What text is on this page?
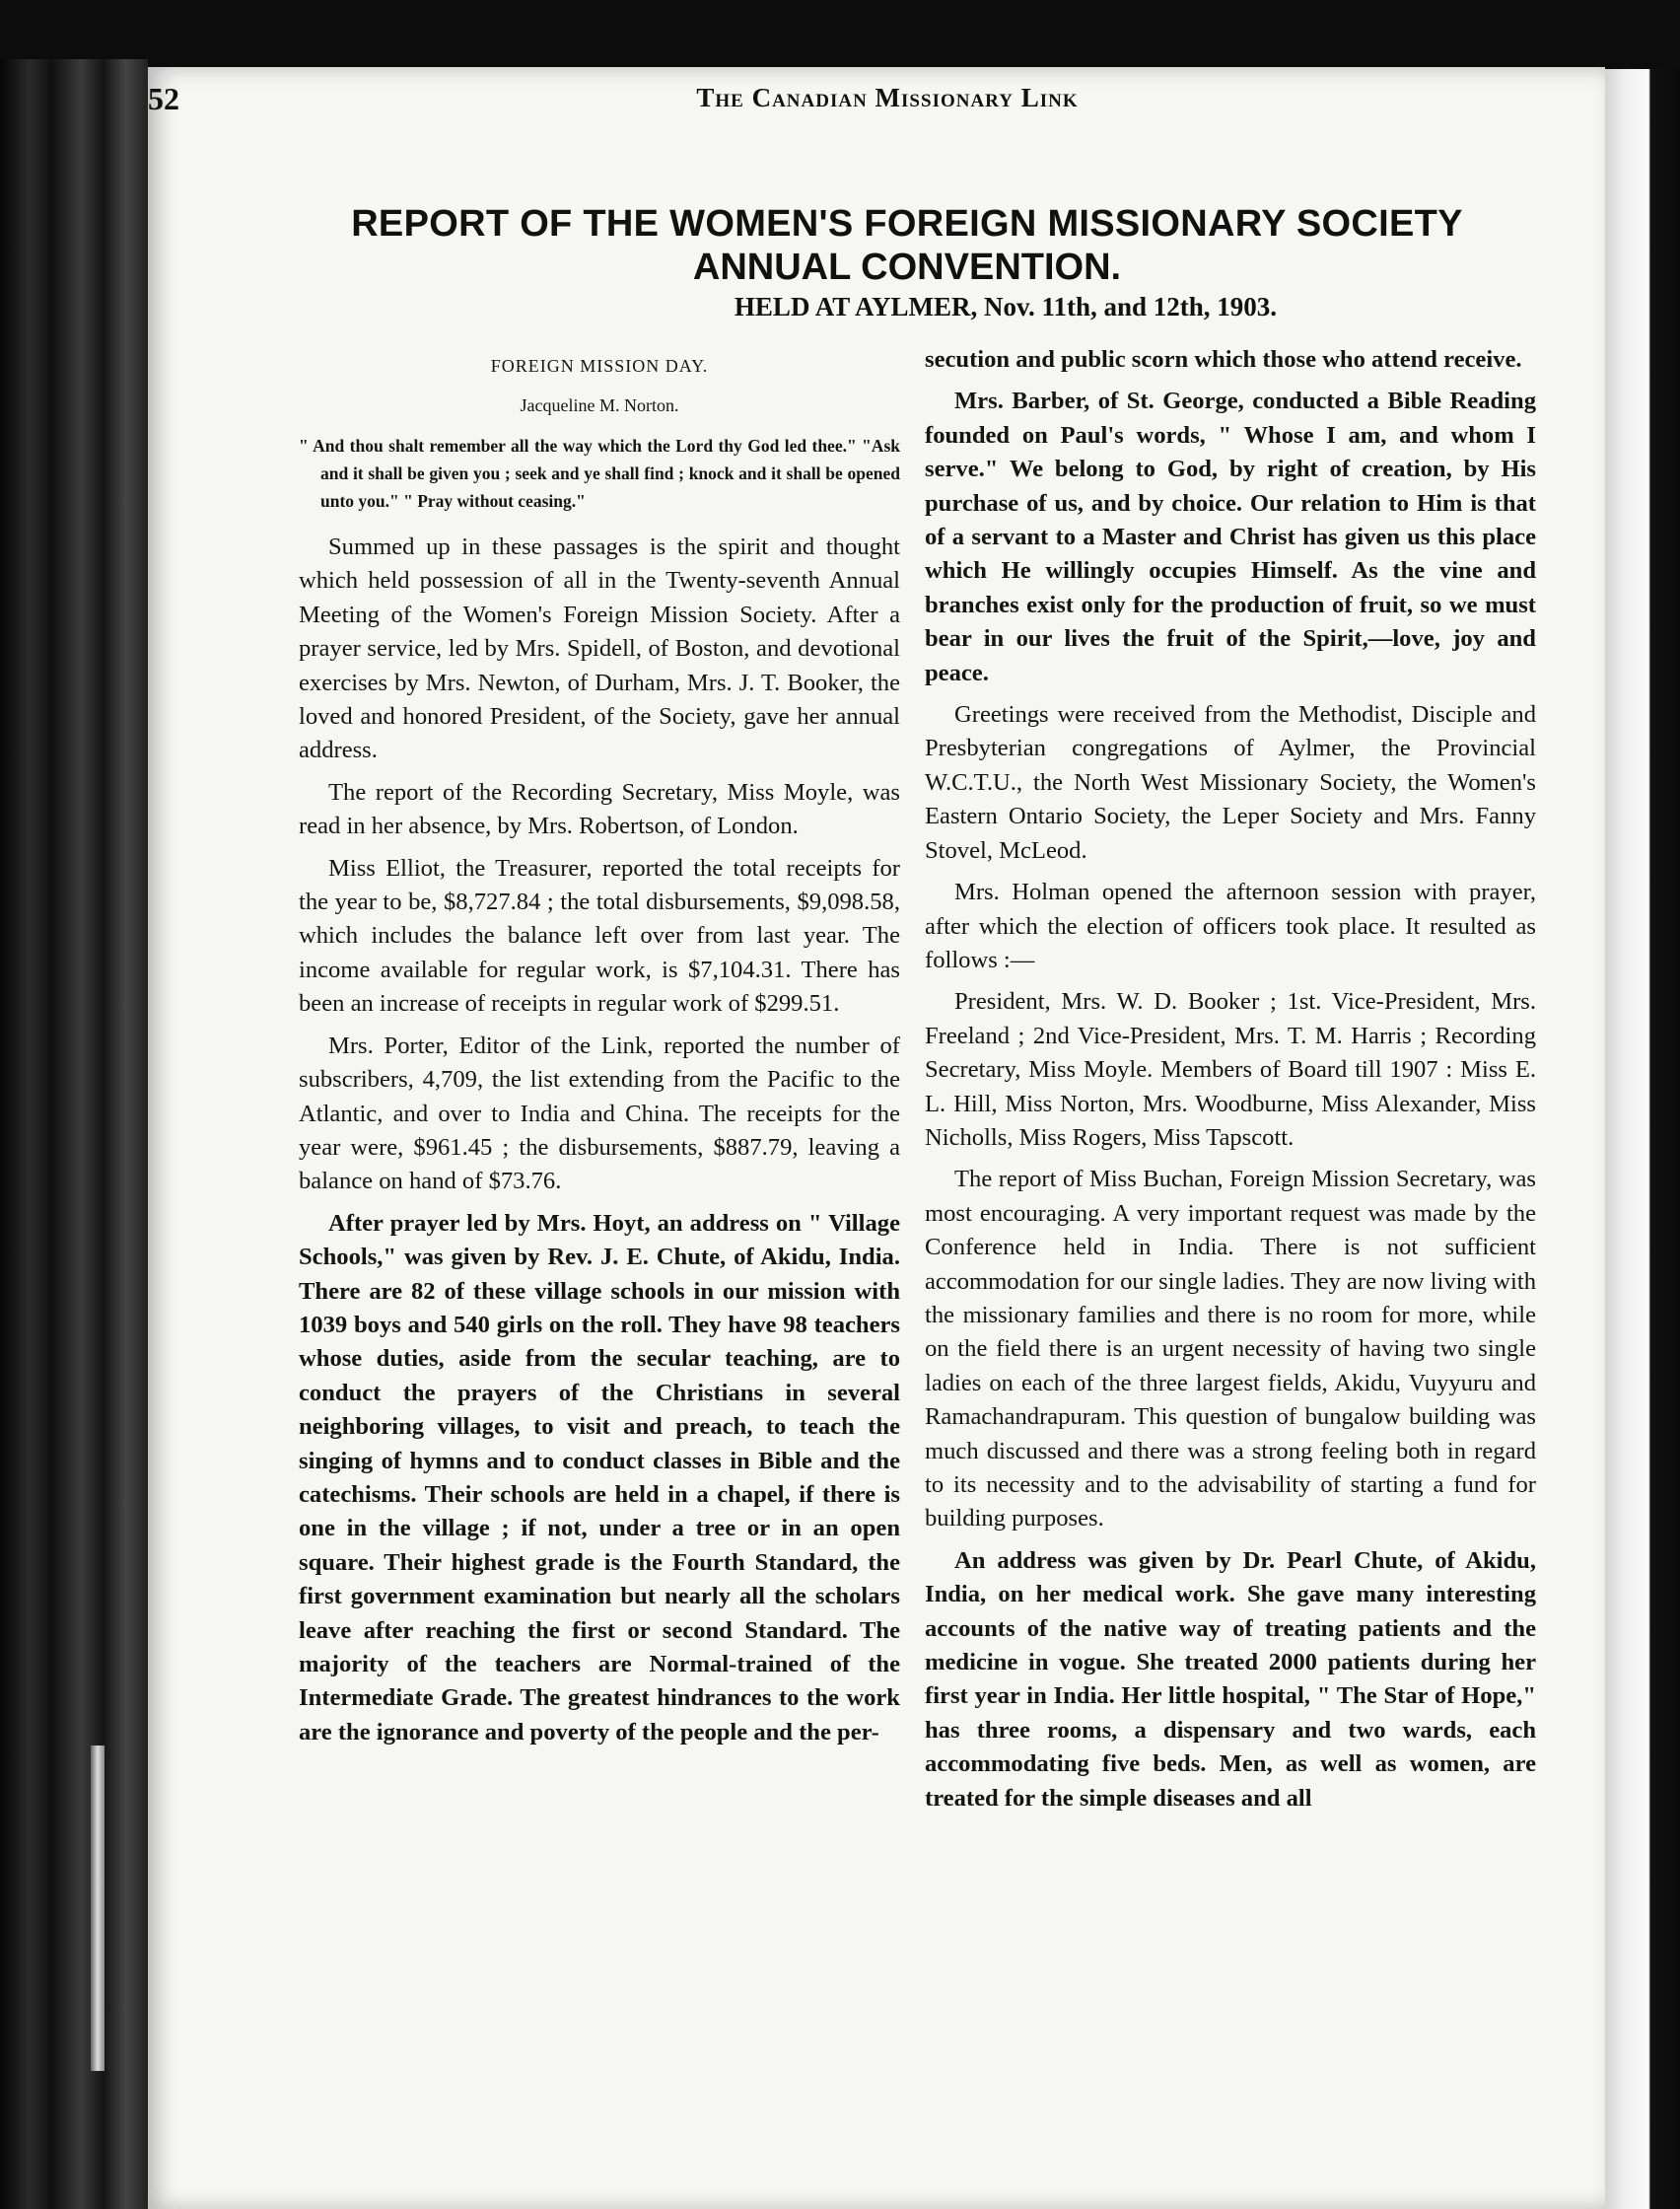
52	The Canadian Missionary Link
REPORT OF THE WOMEN'S FOREIGN MISSIONARY SOCIETY
ANNUAL CONVENTION.
HELD AT AYLMER, Nov. 11th, and 12th, 1903.
FOREIGN MISSION DAY.
Jacqueline M. Norton.
" And thou shalt remember all the way which the Lord thy God led thee." "Ask and it shall be given you ; seek and ye shall find ; knock and it shall be opened unto you." " Pray without ceasing."

Summed up in these passages is the spirit and thought which held possession of all in the Twenty-seventh Annual Meeting of the Women's Foreign Mission Society. After a prayer service, led by Mrs. Spidell, of Boston, and devotional exercises by Mrs. Newton, of Durham, Mrs. J. T. Booker, the loved and honored President, of the Society, gave her annual address.

The report of the Recording Secretary, Miss Moyle, was read in her absence, by Mrs. Robertson, of London.

Miss Elliot, the Treasurer, reported the total receipts for the year to be, $8,727.84 ; the total disbursements, $9,098.58, which includes the balance left over from last year. The income available for regular work, is $7,104.31. There has been an increase of receipts in regular work of $299.51.

Mrs. Porter, Editor of the Link, reported the number of subscribers, 4,709, the list extending from the Pacific to the Atlantic, and over to India and China. The receipts for the year were, $961.45 ; the disbursements, $887.79, leaving a balance on hand of $73.76.

After prayer led by Mrs. Hoyt, an address on " Village Schools," was given by Rev. J. E. Chute, of Akidu, India. There are 82 of these village schools in our mission with 1039 boys and 540 girls on the roll. They have 98 teachers whose duties, aside from the secular teaching, are to conduct the prayers of the Christians in several neighboring villages, to visit and preach, to teach the singing of hymns and to conduct classes in Bible and the catechisms. Their schools are held in a chapel, if there is one in the village ; if not, under a tree or in an open square. Their highest grade is the Fourth Standard, the first government examination but nearly all the scholars leave after reaching the first or second Standard. The majority of the teachers are Normal-trained of the Intermediate Grade. The greatest hindrances to the work are the ignorance and poverty of the people and the per-

secution and public scorn which those who attend receive.

Mrs. Barber, of St. George, conducted a Bible Reading founded on Paul's words, " Whose I am, and whom I serve." We belong to God, by right of creation, by His purchase of us, and by choice. Our relation to Him is that of a servant to a Master and Christ has given us this place which He willingly occupies Himself. As the vine and branches exist only for the production of fruit, so we must bear in our lives the fruit of the Spirit,—love, joy and peace.

Greetings were received from the Methodist, Disciple and Presbyterian congregations of Aylmer, the Provincial W.C.T.U., the North West Missionary Society, the Women's Eastern Ontario Society, the Leper Society and Mrs. Fanny Stovel, McLeod.

Mrs. Holman opened the afternoon session with prayer, after which the election of officers took place. It resulted as follows :—

President, Mrs. W. D. Booker ; 1st. Vice-President, Mrs. Freeland ; 2nd Vice-President, Mrs. T. M. Harris ; Recording Secretary, Miss Moyle. Members of Board till 1907 : Miss E. L. Hill, Miss Norton, Mrs. Woodburne, Miss Alexander, Miss Nicholls, Miss Rogers, Miss Tapscott.

The report of Miss Buchan, Foreign Mission Secretary, was most encouraging. A very important request was made by the Conference held in India. There is not sufficient accommodation for our single ladies. They are now living with the missionary families and there is no room for more, while on the field there is an urgent necessity of having two single ladies on each of the three largest fields, Akidu, Vuyyuru and Ramachandrapuram. This question of bungalow building was much discussed and there was a strong feeling both in regard to its necessity and to the advisability of starting a fund for building purposes.

An address was given by Dr. Pearl Chute, of Akidu, India, on her medical work. She gave many interesting accounts of the native way of treating patients and the medicine in vogue. She treated 2000 patients during her first year in India. Her little hospital, " The Star of Hope," has three rooms, a dispensary and two wards, each accommodating five beds. Men, as well as women, are treated for the simple diseases and all
